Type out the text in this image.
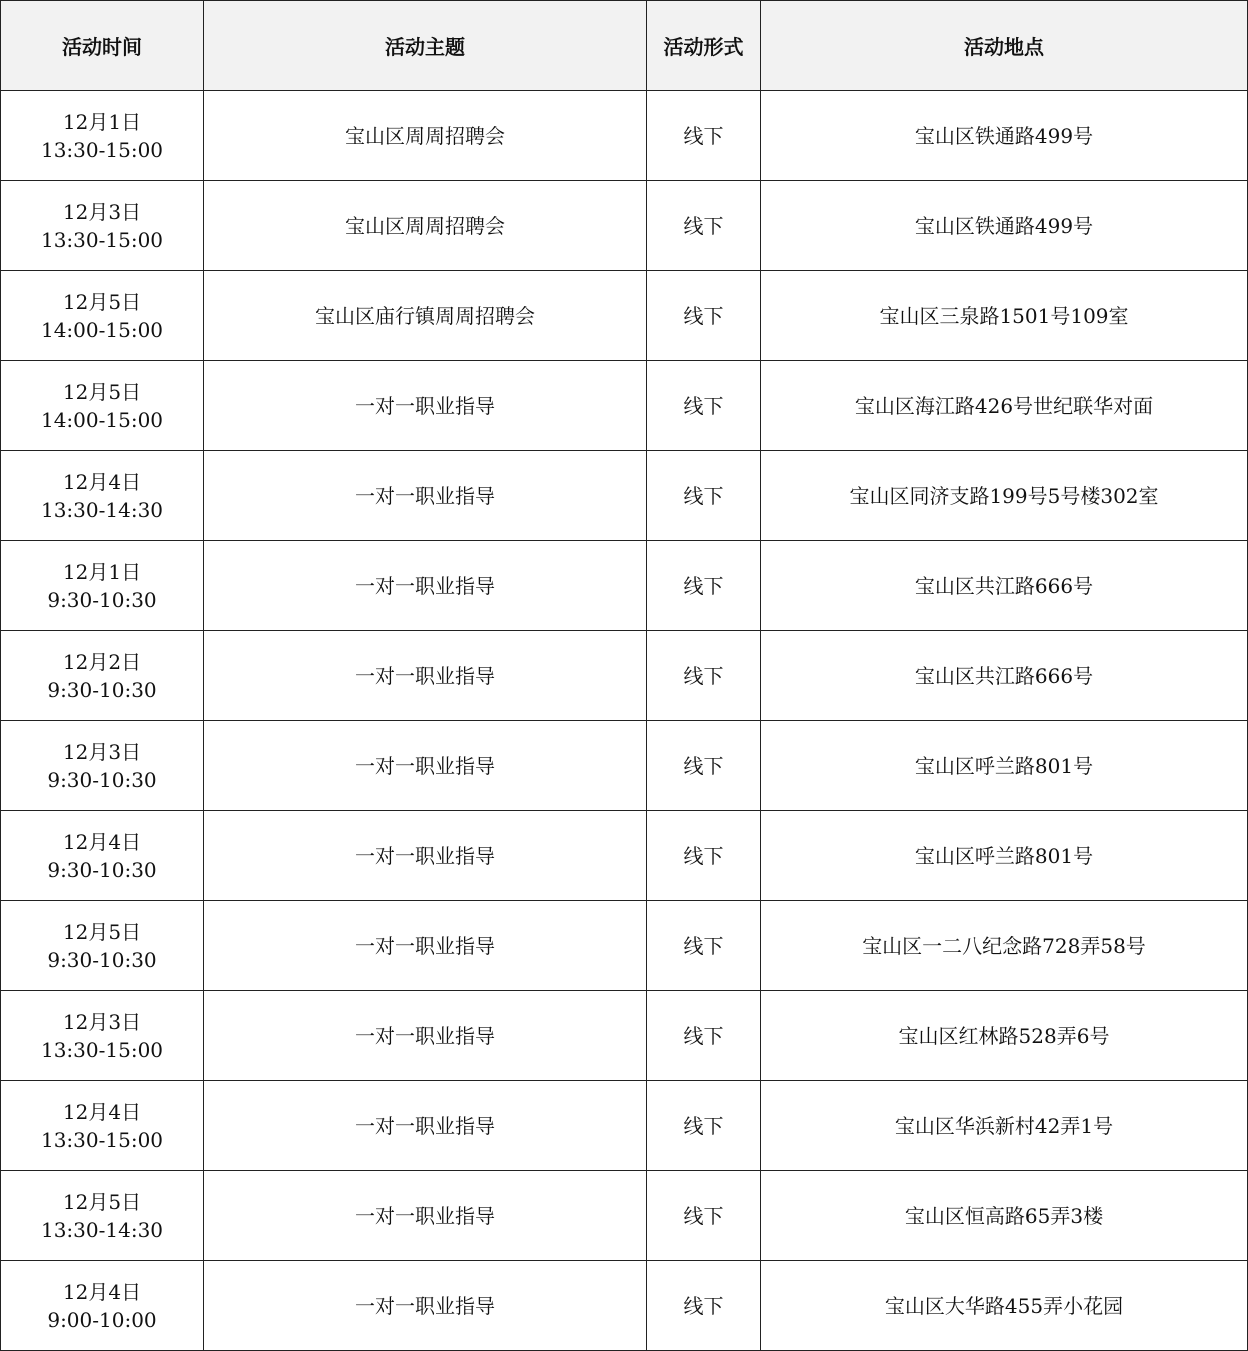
活动时间	活动主题	活动形式	活动地点

12月1日
13:30-15:00	宝山区周周招聘会	线下	宝山区铁通路499号

12月3日
13:30-15:00	宝山区周周招聘会	线下	宝山区铁通路499号

12月5日
14:00-15:00	宝山区庙行镇周周招聘会	线下	宝山区三泉路1501号109室

12月5日
14:00-15:00	一对一职业指导	线下	宝山区海江路426号世纪联华对面

12月4日
13:30-14:30	一对一职业指导	线下	宝山区同济支路199号5号楼302室

12月1日
9:30-10:30	一对一职业指导	线下	宝山区共江路666号

12月2日
9:30-10:30	一对一职业指导	线下	宝山区共江路666号

12月3日
9:30-10:30	一对一职业指导	线下	宝山区呼兰路801号

12月4日
9:30-10:30	一对一职业指导	线下	宝山区呼兰路801号

12月5日
9:30-10:30	一对一职业指导	线下	宝山区一二八纪念路728弄58号

12月3日
13:30-15:00	一对一职业指导	线下	宝山区红林路528弄6号

12月4日
13:30-15:00	一对一职业指导	线下	宝山区华浜新村42弄1号

12月5日
13:30-14:30	一对一职业指导	线下	宝山区恒高路65弄3楼

12月4日
9:00-10:00	一对一职业指导	线下	宝山区大华路455弄小花园
